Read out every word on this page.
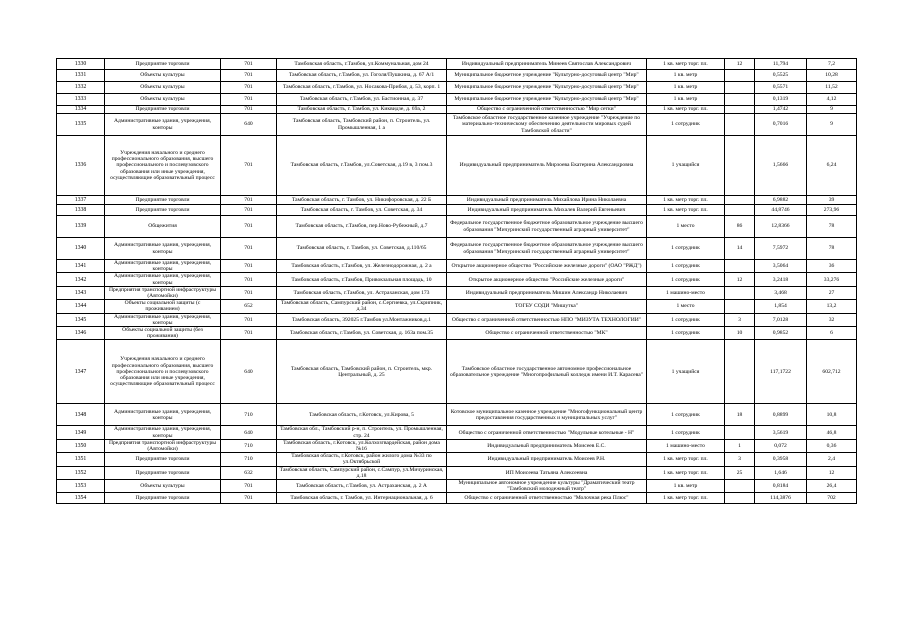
1330	Предприятие торговли	701	Тамбовская область, г.Тамбов, ул.Коммунальная, дом 24	Индивидуальный предприниматель Минеев Святослав Александрович	1 кв. метр торг. пл.	12	11,794	7,2
1331	Объекты культуры	701	Тамбовская область, г.Тамбов, ул. Гоголя/Пушкина, д. 67 А/1	Муниципальное бюджетное учреждение "Культурно-досуговый центр "Мир"	1 кв. метр		0,5525	10,28
1332	Объекты культуры	701	Тамбовская область, г.Тамбов, ул. Носакова-Прибоя, д. 53, корп. 1	Муниципальное бюджетное учреждение "Культурно-досуговый центр "Мир"	1 кв. метр		0,5571	11,52
1333	Объекты культуры	701	Тамбовская область, г.Тамбов, ул. Бастионная, д. 37	Муниципальное бюджетное учреждение "Культурно-досуговый центр "Мир"	1 кв. метр		0,1319	4,12
1334	Предприятие торговли	701	Тамбовская область, г. Тамбов, ул. Киквидзе, д. 69а, 2	Общество с ограниченной ответственностью "Мир сетки"	1 кв. метр торг. пл.		1,4742	9
1335	Административные здания, учреждения, конторы	640	Тамбовская область, Тамбовский район, п. Строитель, ул. Промышленная, 1 а	Тамбовское областное государственное казенное учреждение "Учреждение по материально-техническому обеспечению деятельности мировых судей Тамбовской области"	1 сотрудник		0,7016	9
1336	Учреждения начального и среднего профессионального образования, высшего профессионального и послевузовского образования или иные учреждения, осуществляющие образовательный процесс	701	Тамбовская область, г.Тамбов, ул.Советская, д.19 в, 3 пом.3	Индивидуальный предприниматель Мирзоева Екатерина Александровна	1 учащийся		1,5666	6,24
1337	Предприятие торговли	701	Тамбовская область, г. Тамбов, ул. Никифоровская, д. 22 Б	Индивидуальный предприниматель Михайлова Ирина Николаевна	1 кв. метр торг. пл.		6,9882	39
1338	Предприятие торговли	701	Тамбовская область, г. Тамбов, ул. Советская, д. 34	Индивидуальный предприниматель Михалев Валерий Евгеньевич	1 кв. метр торг. пл.		44,8746	273,96
1339	Общежития	701	Тамбовская область, г.Тамбов, пер.Ново-Рубежный, д.7	Федеральное государственное бюджетное образовательное учреждение высшего образования "Мичуринский государственный аграрный университет"	1 место	86	12,8366	78
1340	Административные здания, учреждения, конторы	701	Тамбовская область, г. Тамбов, ул. Советская, д.110/65	Федеральное государственное бюджетное образовательное учреждение высшего образования "Мичуринский государственный аграрный университет"	1 сотрудник	14	7,5972	78
1341	Административные здания, учреждения, конторы	701	Тамбовская область, г.Тамбов, ул. Железнодорожная, д. 2 а	Открытое акционерное общество "Российские железные дороги" (ОАО "РЖД")	1 сотрудник		3,5064	36
1342	Административные здания, учреждения, конторы	701	Тамбовская область, г.Тамбов, Привокзальная площадь, 10	Открытое акционерное общество "Российские железные дороги"	1 сотрудник	12	3,2418	33,276
1343	Предприятия транспортной инфраструктуры (Автомойки)	701	Тамбовская область, г.Тамбов, ул. Астраханская, дом 173	Индивидуальный предприниматель Мишин Александр Николаевич	1 машино-место		3,468	27
1344	Объекты социальной защиты (с проживанием)	652	Тамбовская область, Сампурский район, с.Сергиевка, ул.Скрипник, д.34	ТОГБУ СОДИ "Мишутка"	1 место		1,854	13,2
1345	Административные здания, учреждения, конторы	701	Тамбовская область, 392025 г.Тамбов ул.Монтажников,д.1	Общество с ограниченной ответственностью НПО "МИЗУТА ТЕХНОЛОГИИ"	1 сотрудник	3	7,0128	32
1346	Объекты социальной защиты (без проживания)	701	Тамбовская область, г.Тамбов, ул. Советская, д. 163а пом.35	Общество с ограниченной ответственностью "МК"	1 сотрудник	10	0,9852	6
1347	Учреждения начального и среднего профессионального образования, высшего профессионального и послевузовского образования или иные учреждения, осуществляющие образовательный процесс	640	Тамбовская область, Тамбовский район, п. Строитель, мкр. Центральный, д. 25	Тамбовское областное государственное автономное профессиональное образовательное учреждение "Многопрофильный колледж имени И.Т. Карасева"	1 учащийся		117,1722	602,712
1348	Административные здания, учреждения, конторы	710	Тамбовская область, г.Котовск, ул.Кирова, 5	Котовское муниципальное казенное учреждение "Многофункциональный центр предоставления государственных и муниципальных услуг"	1 сотрудник	18	0,8899	10,8
1349	Административные здания, учреждения, конторы	640	Тамбовская обл., Тамбовский р-н, п. Строитель, ул. Промышленная, стр. 24	Общество с ограниченной ответственностью "Модульные котельные - Н"	1 сотрудник		3,5619	46,8
1350	Предприятия транспортной инфраструктуры (Автомойки)	710	Тамбовская область, г.Котовск, ул.Колхозгвардейская, район дома №16	Индивидуальный предприниматель Моисеев Е.С.	1 машино-место	1	0,072	0,36
1351	Предприятие торговли	710	Тамбовская область, г.Котовск, район жилого дома №33 по ул.Октябрьской	Индивидуальный предприниматель Моисеев Р.Н.	1 кв. метр торг. пл.	3	0,3958	2,4
1352	Предприятие торговли	632	Тамбовская область, Сампурский район, с.Сампур, ул.Мичуринская, д.18	ИП Моисеева Татьяна Алексеевна	1 кв. метр торг. пл.	25	1,646	12
1353	Объекты культуры	701	Тамбовская область, г.Тамбов, ул. Астраханская, д. 2 А	Муниципальное автономное учреждение культуры "Драматический театр "Тамбовский молодежный театр"	1 кв. метр		0,8184	26,4
1354	Предприятие торговли	701	Тамбовская область, г. Тамбов, ул. Интернациональная, д. 6	Общество с ограниченной ответственностью "Молочная река Плюс"	1 кв. метр торг. пл.		114,3876	702
